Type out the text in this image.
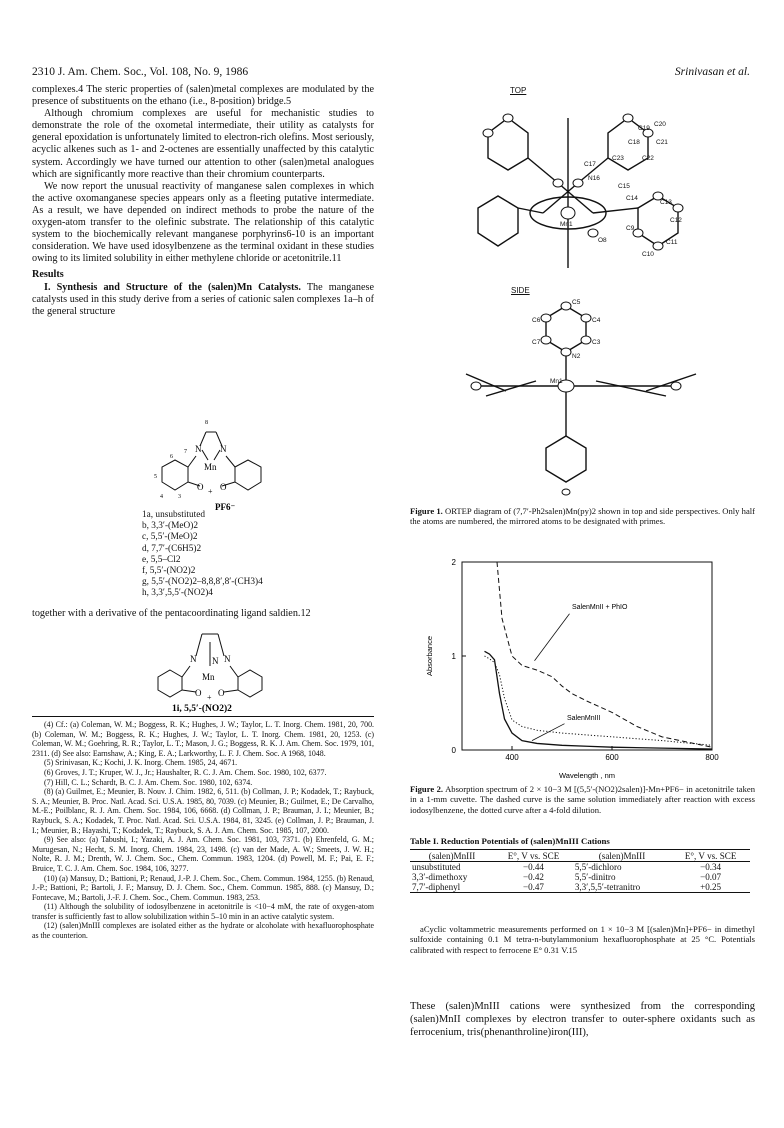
2310 J. Am. Chem. Soc., Vol. 108, No. 9, 1986	Srinivasan et al.

complexes.4 The steric properties of (salen)metal complexes are modulated by the presence of substituents on the ethano (i.e., 8-position) bridge.5

Although chromium complexes are useful for mechanistic studies to demonstrate the role of the oxometal intermediate, their utility as catalysts for general epoxidation is unfortunately limited to electron-rich olefins. Most seriously, acyclic alkenes such as 1- and 2-octenes are essentially unaffected by this catalytic system. Accordingly we have turned our attention to other (salen)metal analogues which are significantly more reactive than their chromium counterparts.

We now report the unusual reactivity of manganese salen complexes in which the active oxomanganese species appears only as a fleeting putative intermediate. As a result, we have depended on indirect methods to probe the nature of the oxygen-atom transfer to the olefinic substrate. The relationship of this catalytic system to the biochemically relevant manganese porphyrins6-10 is an important consideration. We have used idosylbenzene as the terminal oxidant in these studies owing to its limited solubility in either methylene chloride or acetonitrile.11

Results

I. Synthesis and Structure of the (salen)Mn Catalysts. The manganese catalysts used in this study derive from a series of cationic salen complexes 1a–h of the general structure

8
7 N N
Mn
O + O
6
5
4	3
PF6⁻
1a, unsubstituted
b, 3,3′-(MeO)2
c, 5,5′-(MeO)2
d, 7,7′-(C6H5)2
e, 5,5–Cl2
f, 5,5′-(NO2)2
g, 5,5′-(NO2)2–8,8,8′,8′-(CH3)4
h, 3,3′,5,5′-(NO2)4
together with a derivative of the pentacoordinating ligand saldien.12
N N N
Mn
O + O
1i, 5,5′-(NO2)2

(4) Cf.: (a) Coleman, W. M.; Boggess, R. K.; Hughes, J. W.; Taylor, L. T. Inorg. Chem. 1981, 20, 700. (b) Coleman, W. M.; Boggess, R. K.; Hughes, J. W.; Taylor, L. T. Inorg. Chem. 1981, 20, 1253. (c) Coleman, W. M.; Goehring, R. R.; Taylor, L. T.; Mason, J. G.; Boggess, R. K. J. Am. Chem. Soc. 1979, 101, 2311. (d) See also: Earnshaw, A.; King, E. A.; Larkworthy, L. F. J. Chem. Soc. A 1968, 1048.

(5) Srinivasan, K.; Kochi, J. K. Inorg. Chem. 1985, 24, 4671.

(6) Groves, J. T.; Kruper, W. J., Jr.; Haushalter, R. C. J. Am. Chem. Soc. 1980, 102, 6377.

(7) Hill, C. L.; Schardt, B. C. J. Am. Chem. Soc. 1980, 102, 6374.

(8) (a) Guilmet, E.; Meunier, B. Nouv. J. Chim. 1982, 6, 511. (b) Collman, J. P.; Kodadek, T.; Raybuck, S. A.; Meunier, B. Proc. Natl. Acad. Sci. U.S.A. 1985, 80, 7039. (c) Meunier, B.; Guilmet, E.; De Carvalho, M.-E.; Poilblanc, R. J. Am. Chem. Soc. 1984, 106, 6668. (d) Collman, J. P.; Brauman, J. I.; Meunier, B.; Raybuck, S. A.; Kodadek, T. Proc. Natl. Acad. Sci. U.S.A. 1984, 81, 3245. (e) Collman, J. P.; Brauman, J. I.; Meunier, B.; Hayashi, T.; Kodadek, T.; Raybuck, S. A. J. Am. Chem. Soc. 1985, 107, 2000.

(9) See also: (a) Tabushi, I.; Yazaki, A. J. Am. Chem. Soc. 1981, 103, 7371. (b) Ehrenfeld, G. M.; Murugesan, N.; Hecht, S. M. Inorg. Chem. 1984, 23, 1498. (c) van der Made, A. W.; Smeets, J. W. H.; Nolte, R. J. M.; Drenth, W. J. Chem. Soc., Chem. Commun. 1983, 1204. (d) Powell, M. F.; Pai, E. F.; Bruice, T. C. J. Am. Chem. Soc. 1984, 106, 3277.

(10) (a) Mansuy, D.; Battioni, P.; Renaud, J.-P. J. Chem. Soc., Chem. Commun. 1984, 1255. (b) Renaud, J.-P.; Battioni, P.; Bartoli, J. F.; Mansuy, D. J. Chem. Soc., Chem. Commun. 1985, 888. (c) Mansuy, D.; Fontecave, M.; Bartoli, J.-F. J. Chem. Soc., Chem. Commun. 1983, 253.

(11) Although the solubility of iodosylbenzene in acetonitrile is <10−4 mM, the rate of oxygen-atom transfer is sufficiently fast to allow solubilization within 5–10 min in an active catalytic system.

(12) (salen)MnIII complexes are isolated either as the hydrate or alcoholate with hexafluorophosphate as the counterion.

TOP
C19
C20
C18 C21
C23	C22
C17
N16
C15
C14
C13
C12
Mn1
C9
C11
O8
C10
SIDE
C5
C6	C4
C7	C3
N2
Mn1
Figure 1. ORTEP diagram of (7,7′-Ph2salen)Mn(py)2 shown in top and side perspectives. Only half the atoms are numbered, the mirrored atoms to be designated with primes.
400	600	800
0
1
2
Wavelength , nm
Absorbance
SalenMnII + PhIO
SalenMnIII
Figure 2. Absorption spectrum of 2 × 10−3 M [(5,5′-(NO2)2salen)]-Mn+PF6− in acetonitrile taken in a 1-mm cuvette. The dashed curve is the same solution immediately after reaction with excess iodosylbenzene, the dotted curve after a 4-fold dilution.
Table I. Reduction Potentials of (salen)MnIII Cations
(salen)MnIII	E°, V vs. SCE	(salen)MnIII	E°, V vs. SCE
unsubstituted	−0.44	5,5′-dichloro	−0.34
3,3′-dimethoxy	−0.42	5,5′-dinitro	−0.07
7,7′-diphenyl	−0.47	3,3′,5,5′-tetranitro	+0.25
aCyclic voltammetric measurements performed on 1 × 10−3 M [(salen)Mn]+PF6− in dimethyl sulfoxide containing 0.1 M tetra-n-butylammonium hexafluorophosphate at 25 °C. Potentials calibrated with respect to ferrocene E° 0.31 V.15
These (salen)MnIII cations were synthesized from the corresponding (salen)MnII complexes by electron transfer to outer-sphere oxidants such as ferrocenium, tris(phenanthroline)iron(III),
